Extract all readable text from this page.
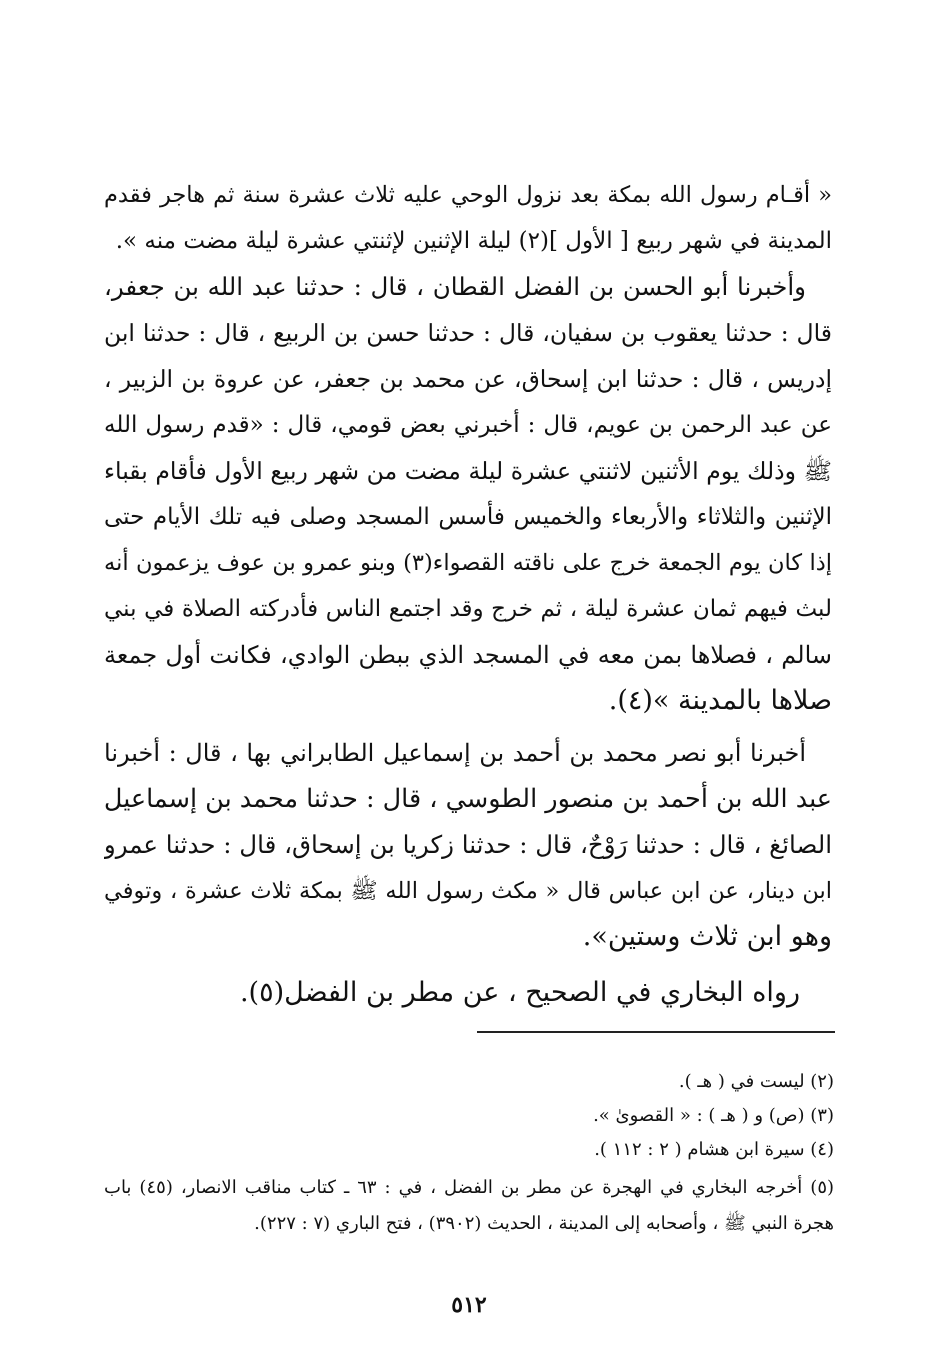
« أقـام رسول الله بمكة بعد نزول الوحي عليه ثلاث عشرة سنة ثم هاجر فقدم
المدينة في شهر ربيع [ الأول ](٢) ليلة الإثنين لإثنتي عشرة ليلة مضت منه ».
وأخبرنا أبو الحسن بن الفضل القطان ، قال : حدثنا عبد الله بن جعفر،
قال : حدثنا يعقوب بن سفيان، قال : حدثنا حسن بن الربيع ، قال : حدثنا ابن
إدريس ، قال : حدثنا ابن إسحاق، عن محمد بن جعفر، عن عروة بن الزبير ،
عن عبد الرحمن بن عويم، قال : أخبرني بعض قومي، قال : «قدم رسول الله
ﷺ وذلك يوم الأثنين لاثنتي عشرة ليلة مضت من شهر ربيع الأول فأقام بقباء
الإثنين والثلاثاء والأربعاء والخميس فأسس المسجد وصلى فيه تلك الأيام حتى
إذا كان يوم الجمعة خرج على ناقته القصواء(٣) وبنو عمرو بن عوف يزعمون أنه
لبث فيهم ثمان عشرة ليلة ، ثم خرج وقد اجتمع الناس فأدركته الصلاة في بني
سالم ، فصلاها بمن معه في المسجد الذي ببطن الوادي، فكانت أول جمعة
صلاها بالمدينة »(٤).
أخبرنا أبو نصر محمد بن أحمد بن إسماعيل الطابراني بها ، قال : أخبرنا
عبد الله بن أحمد بن منصور الطوسي ، قال : حدثنا محمد بن إسماعيل
الصائغ ، قال : حدثنا رَوْحٌ، قال : حدثنا زكريا بن إسحاق، قال : حدثنا عمرو
ابن دينار، عن ابن عباس قال « مكث رسول الله ﷺ بمكة ثلاث عشرة ، وتوفي
وهو ابن ثلاث وستين».
رواه البخاري في الصحيح ، عن مطر بن الفضل(٥).
(٢) ليست في ( هـ ).
(٣) (ص) و ( هـ ) : « القصوىٰ ».
(٤) سيرة ابن هشام ( ٢ : ١١٢ ).
(٥) أخرجه البخاري في الهجرة عن مطر بن الفضل ، في : ٦٣ ـ كتاب مناقب الانصار، (٤٥) باب
هجرة النبي ﷺ ، وأصحابه إلى المدينة ، الحديث (٣٩٠٢) ، فتح الباري (٧ : ٢٢٧).
٥١٢
